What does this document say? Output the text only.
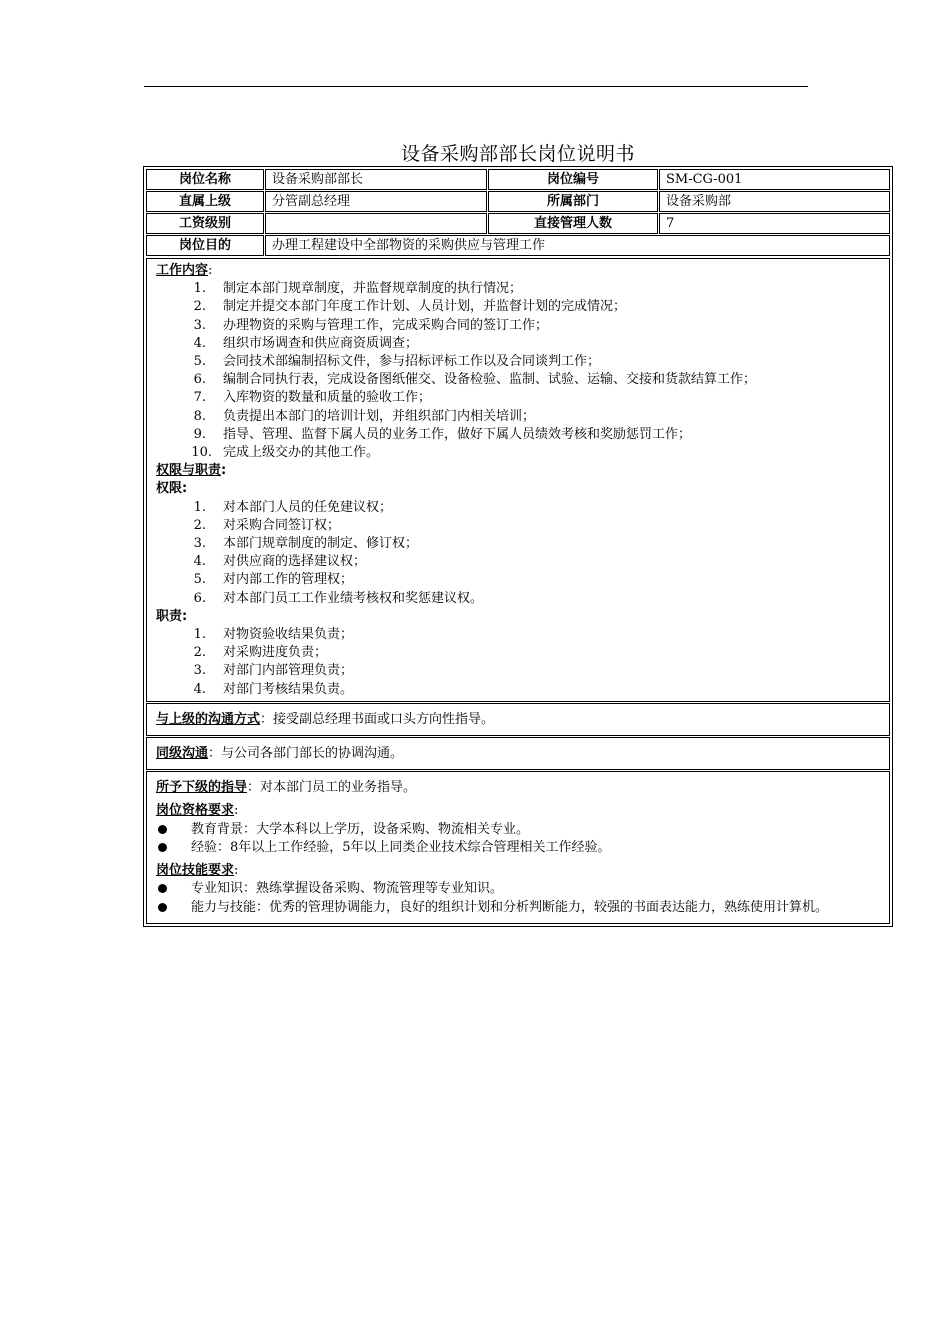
设备采购部部长岗位说明书
岗位名称	设备采购部部长	岗位编号	SM-CG-001
直属上级	分管副总经理	所属部门	设备采购部
工资级别		直接管理人数	7
岗位目的	办理工程建设中全部物资的采购供应与管理工作		
工作内容:
1. 制定本部门规章制度，并监督规章制度的执行情况；
2. 制定并提交本部门年度工作计划、人员计划，并监督计划的完成情况；
3. 办理物资的采购与管理工作，完成采购合同的签订工作；
4. 组织市场调查和供应商资质调查；
5. 会同技术部编制招标文件，参与招标评标工作以及合同谈判工作；
6. 编制合同执行表，完成设备图纸催交、设备检验、监制、试验、运输、交接和货款结算工作；
7. 入库物资的数量和质量的验收工作；
8. 负责提出本部门的培训计划，并组织部门内相关培训；
9. 指导、管理、监督下属人员的业务工作，做好下属人员绩效考核和奖励惩罚工作；
10. 完成上级交办的其他工作。
权限与职责:
权限:
1. 对本部门人员的任免建议权；
2. 对采购合同签订权；
3. 本部门规章制度的制定、修订权；
4. 对供应商的选择建议权；
5. 对内部工作的管理权；
6. 对本部门员工工作业绩考核权和奖惩建议权。
职责:
1. 对物资验收结果负责；
2. 对采购进度负责；
3. 对部门内部管理负责；
4. 对部门考核结果负责。
与上级的沟通方式：接受副总经理书面或口头方向性指导。
同级沟通：与公司各部门部长的协调沟通。
所予下级的指导：对本部门员工的业务指导。
岗位资格要求:
教育背景：大学本科以上学历，设备采购、物流相关专业。
经验：8年以上工作经验，5年以上同类企业技术综合管理相关工作经验。
岗位技能要求:
专业知识：熟练掌握设备采购、物流管理等专业知识。
能力与技能：优秀的管理协调能力，良好的组织计划和分析判断能力，较强的书面表达能力，熟练使用计算机。
